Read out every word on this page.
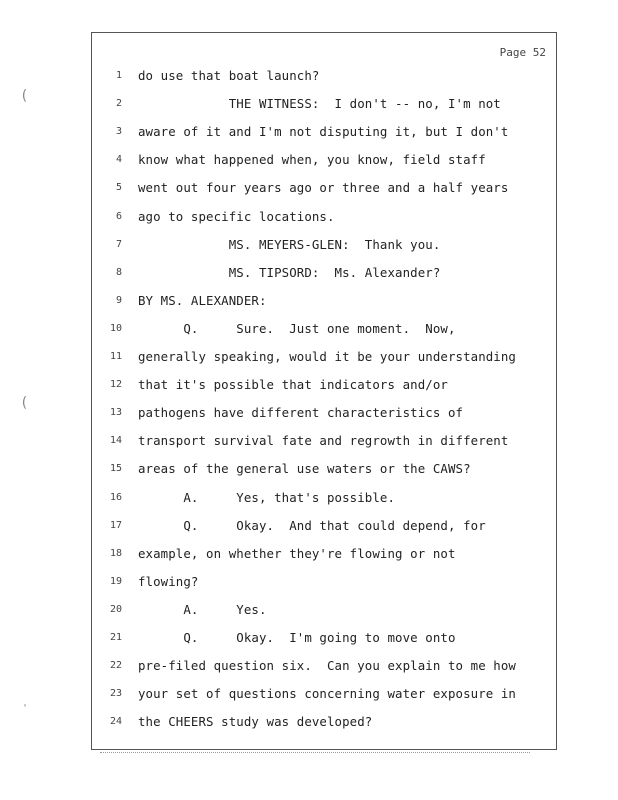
Page 52
1 do use that boat launch?
2 THE WITNESS:  I don't -- no, I'm not
3 aware of it and I'm not disputing it, but I don't
4 know what happened when, you know, field staff
5 went out four years ago or three and a half years
6 ago to specific locations.
7 MS. MEYERS-GLEN:  Thank you.
8 MS. TIPSORD:  Ms. Alexander?
9 BY MS. ALEXANDER:
10 Q.     Sure.  Just one moment.  Now,
11 generally speaking, would it be your understanding
12 that it's possible that indicators and/or
13 pathogens have different characteristics of
14 transport survival fate and regrowth in different
15 areas of the general use waters or the CAWS?
16 A.     Yes, that's possible.
17 Q.     Okay.  And that could depend, for
18 example, on whether they're flowing or not
19 flowing?
20 A.     Yes.
21 Q.     Okay.  I'm going to move onto
22 pre-filed question six.  Can you explain to me how
23 your set of questions concerning water exposure in
24 the CHEERS study was developed?
(
(
'
